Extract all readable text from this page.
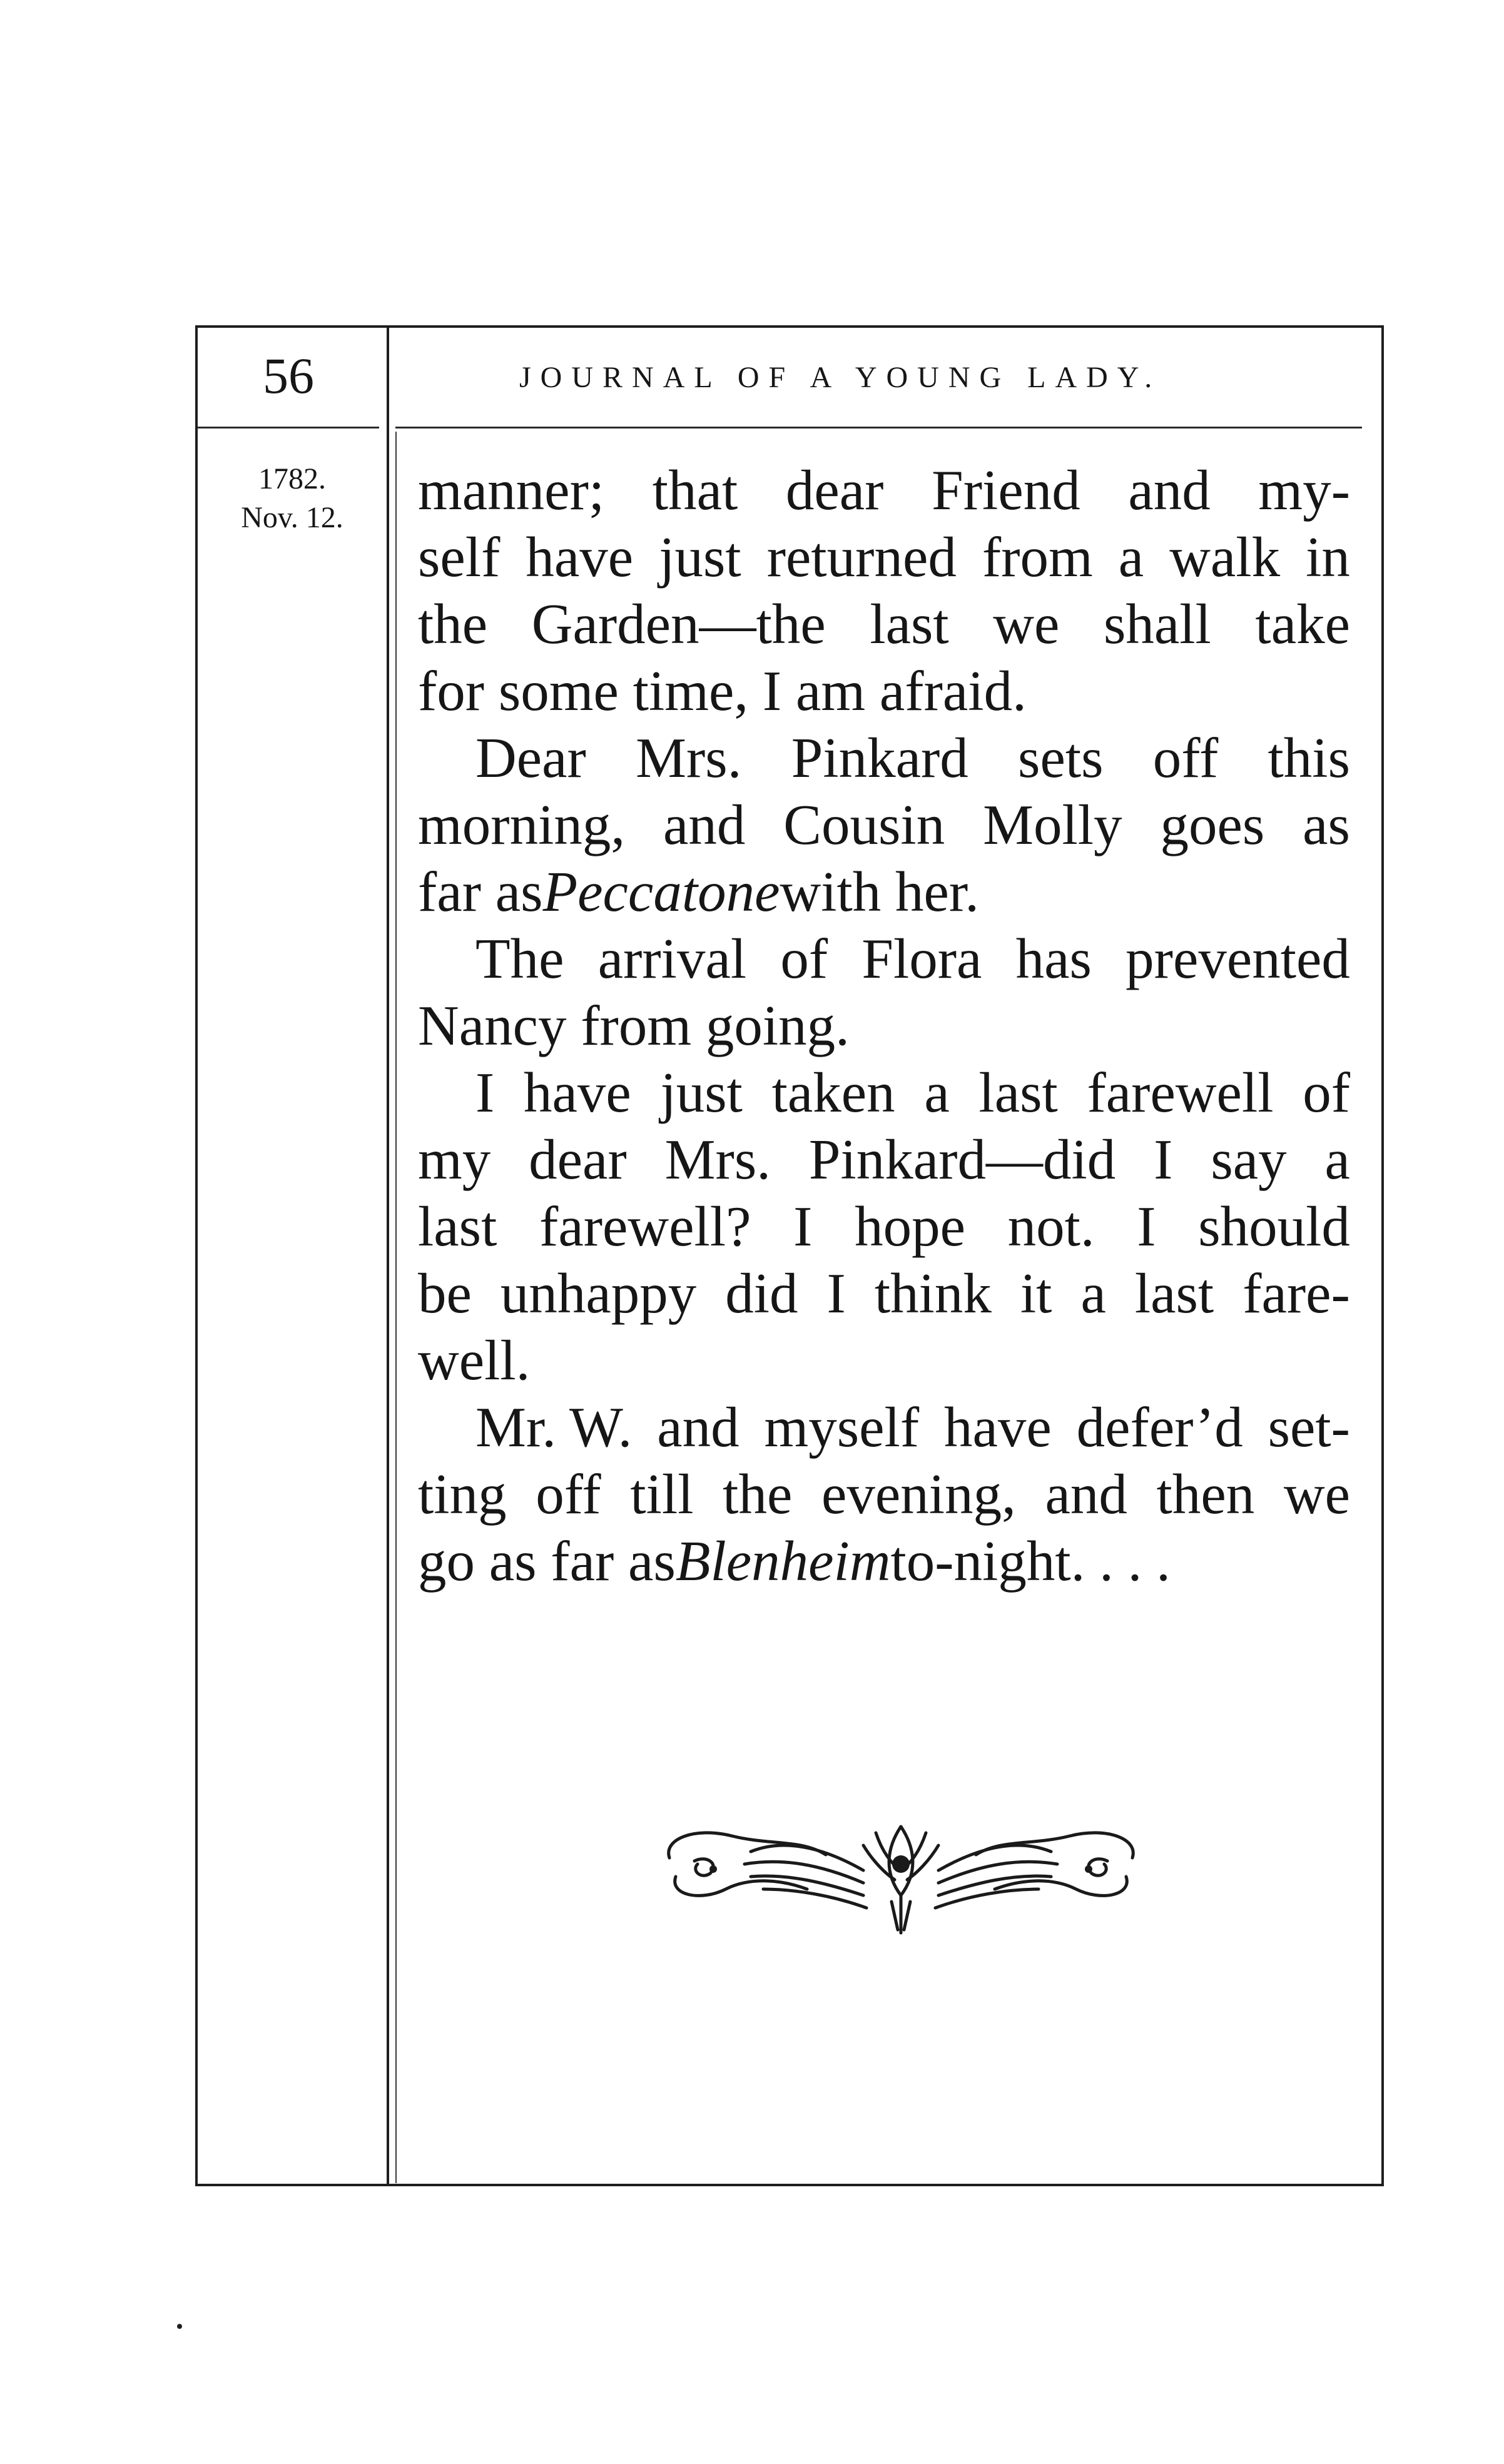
56	JOURNAL OF A YOUNG LADY.
1782.
Nov. 12.	manner; that dear Friend and my-
self have just returned from a walk in
the Garden—the last we shall take
for some time, I am afraid.
Dear Mrs. Pinkard sets off this
morning, and Cousin Molly goes as
far as Peccatone with her.
The arrival of Flora has prevented
Nancy from going.
I have just taken a last farewell of
my dear Mrs. Pinkard—did I say a
last farewell? I hope not. I should
be unhappy did I think it a last fare-
well.
Mr. W. and myself have defer’d set-
ting off till the evening, and then we
go as far as Blenheim to-night. . . .
